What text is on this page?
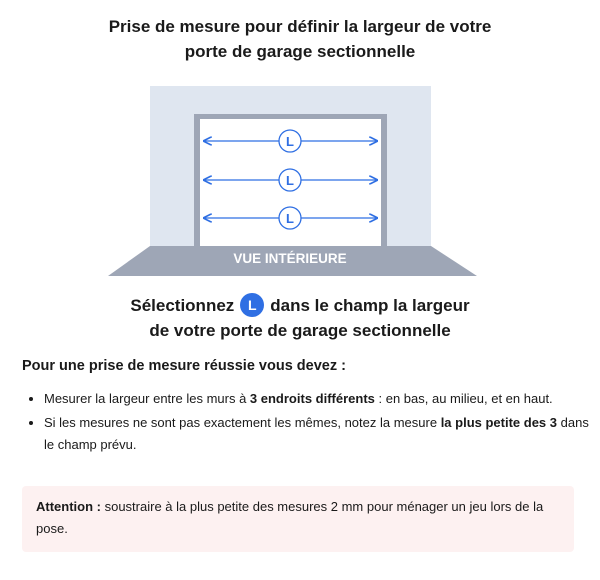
Prise de mesure pour définir la largeur de votre
porte de garage sectionnelle
L
L
L
VUE INTÉRIEURE
Sélectionnez L dans le champ la largeur
de votre porte de garage sectionnelle
Pour une prise de mesure réussie vous devez :
• Mesurer la largeur entre les murs à 3 endroits différents : en bas, au milieu, et en haut.
• Si les mesures ne sont pas exactement les mêmes, notez la mesure la plus petite des 3 dans le champ prévu.
Attention : soustraire à la plus petite des mesures 2 mm pour ménager un jeu lors de la pose.
